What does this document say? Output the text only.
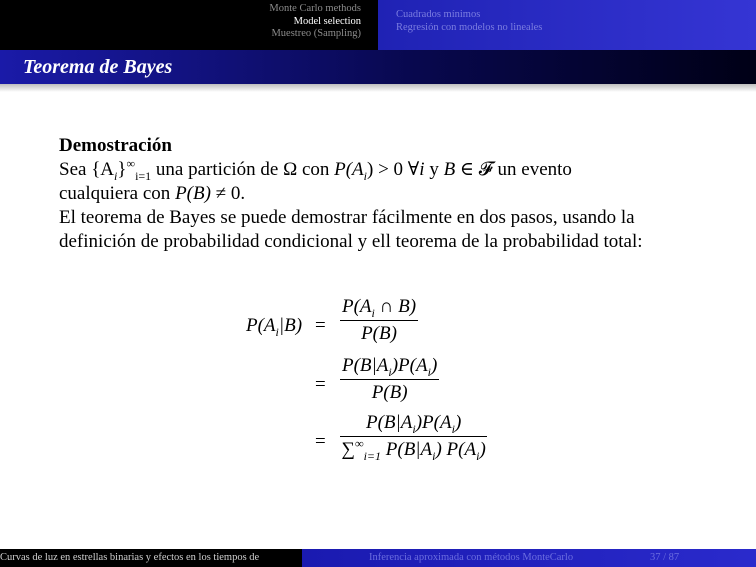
Monte Carlo methods
Model selection
Muestreo (Sampling)
Cuadrados mínimos
Regresión con modelos no lineales
Teorema de Bayes

Demostración

Sea $\{A_i\}^\infty_{i=1}$ una partición de Ω con $P(A_i) > 0$ ∀i y B ∈ 𝓕 un evento

cualquiera con P(B) ≠ 0.

El teorema de Bayes se puede demostrar fácilmente en dos pasos, usando la

definición de probabilidad condicional y ell teorema de la probabilidad total:

$P(A_i|B) = \frac{P(A_i \cap B)}{P(B)}$
= $\frac{P(B|A_i)P(A_i)}{P(B)}$
= $\frac{P(B|A_i)P(A_i)}{\sum^\infty_{i=1} P(B|A_i) P(A_i)}$
Curvas de luz en estrellas binarias y efectos en los tiempos de	Inferencia aproximada con métodos MonteCarlo	37 / 87
